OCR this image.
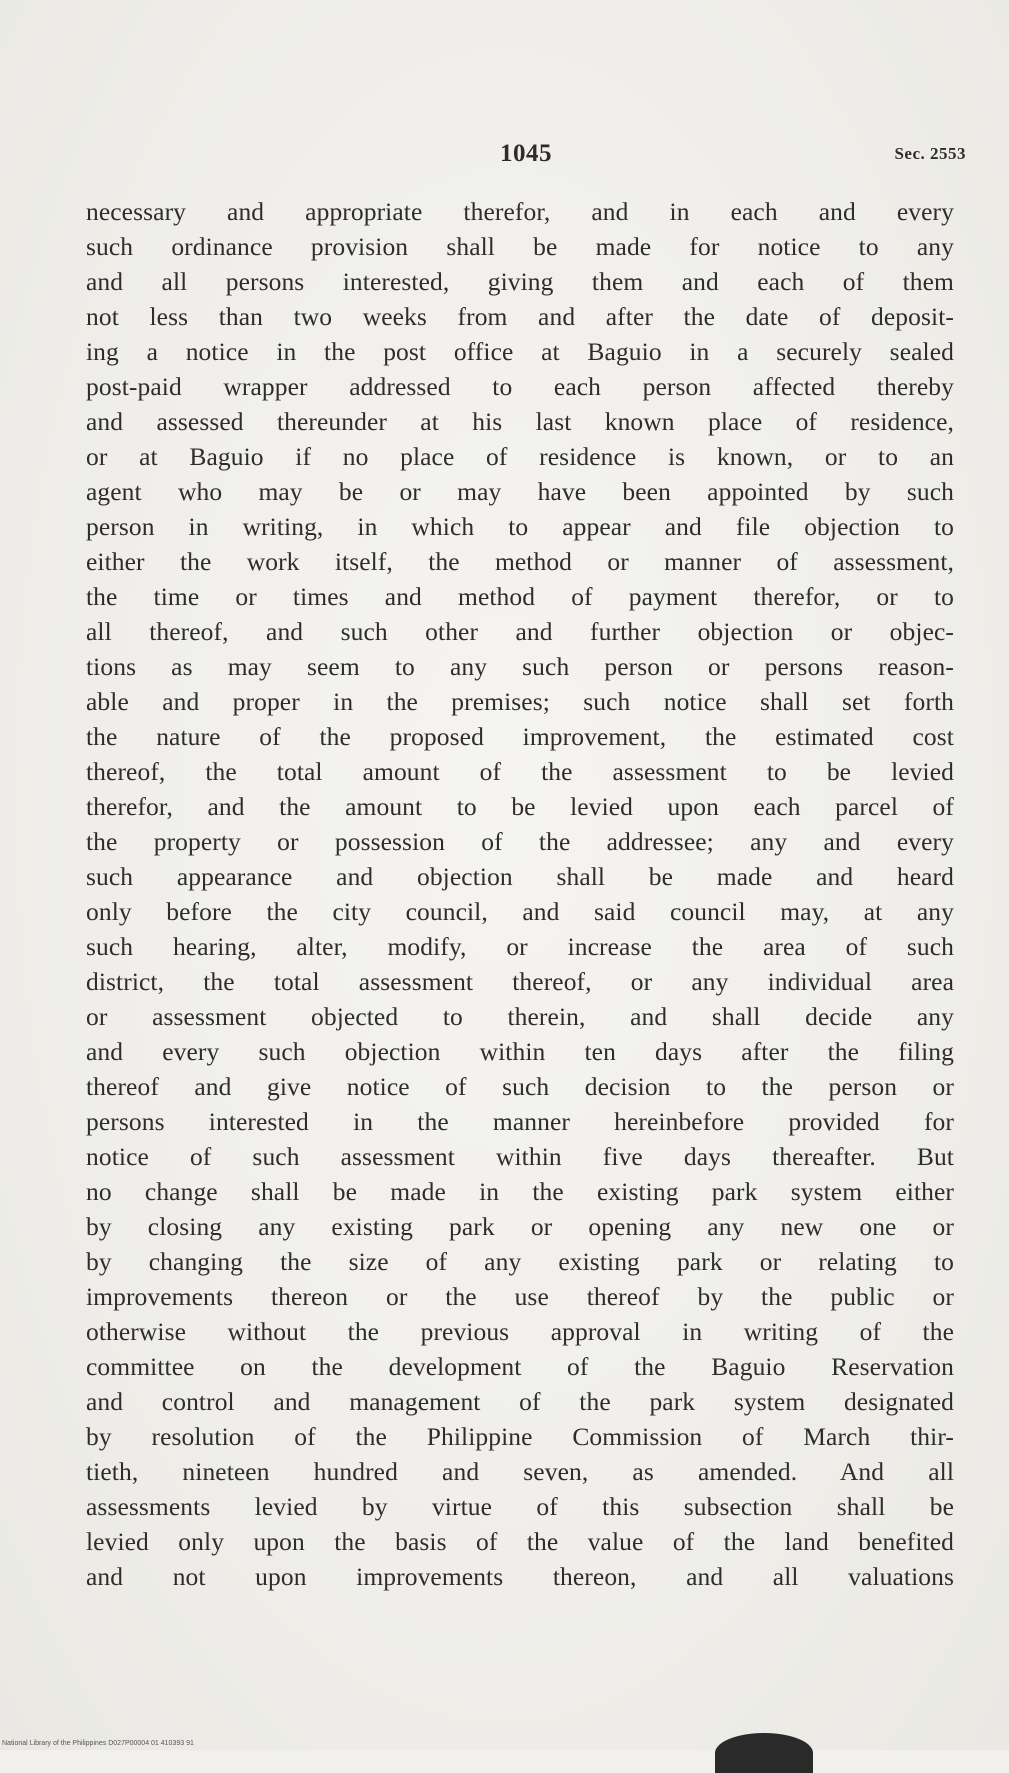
1045	Sec. 2553
necessary and appropriate therefor, and in each and every
such ordinance provision shall be made for notice to any
and all persons interested, giving them and each of them
not less than two weeks from and after the date of deposit-
ing a notice in the post office at Baguio in a securely sealed
post-paid wrapper addressed to each person affected thereby
and assessed thereunder at his last known place of residence,
or at Baguio if no place of residence is known, or to an
agent who may be or may have been appointed by such
person in writing, in which to appear and file objection to
either the work itself, the method or manner of assessment,
the time or times and method of payment therefor, or to
all thereof, and such other and further objection or objec-
tions as may seem to any such person or persons reason-
able and proper in the premises; such notice shall set forth
the nature of the proposed improvement, the estimated cost
thereof, the total amount of the assessment to be levied
therefor, and the amount to be levied upon each parcel of
the property or possession of the addressee; any and every
such appearance and objection shall be made and heard
only before the city council, and said council may, at any
such hearing, alter, modify, or increase the area of such
district, the total assessment thereof, or any individual area
or assessment objected to therein, and shall decide any
and every such objection within ten days after the filing
thereof and give notice of such decision to the person or
persons interested in the manner hereinbefore provided for
notice of such assessment within five days thereafter. But
no change shall be made in the existing park system either
by closing any existing park or opening any new one or
by changing the size of any existing park or relating to
improvements thereon or the use thereof by the public or
otherwise without the previous approval in writing of the
committee on the development of the Baguio Reservation
and control and management of the park system designated
by resolution of the Philippine Commission of March thir-
tieth, nineteen hundred and seven, as amended. And all
assessments levied by virtue of this subsection shall be
levied only upon the basis of the value of the land benefited
and not upon improvements thereon, and all valuations
National Library of the Philippines D027P00004 01 410393 91
